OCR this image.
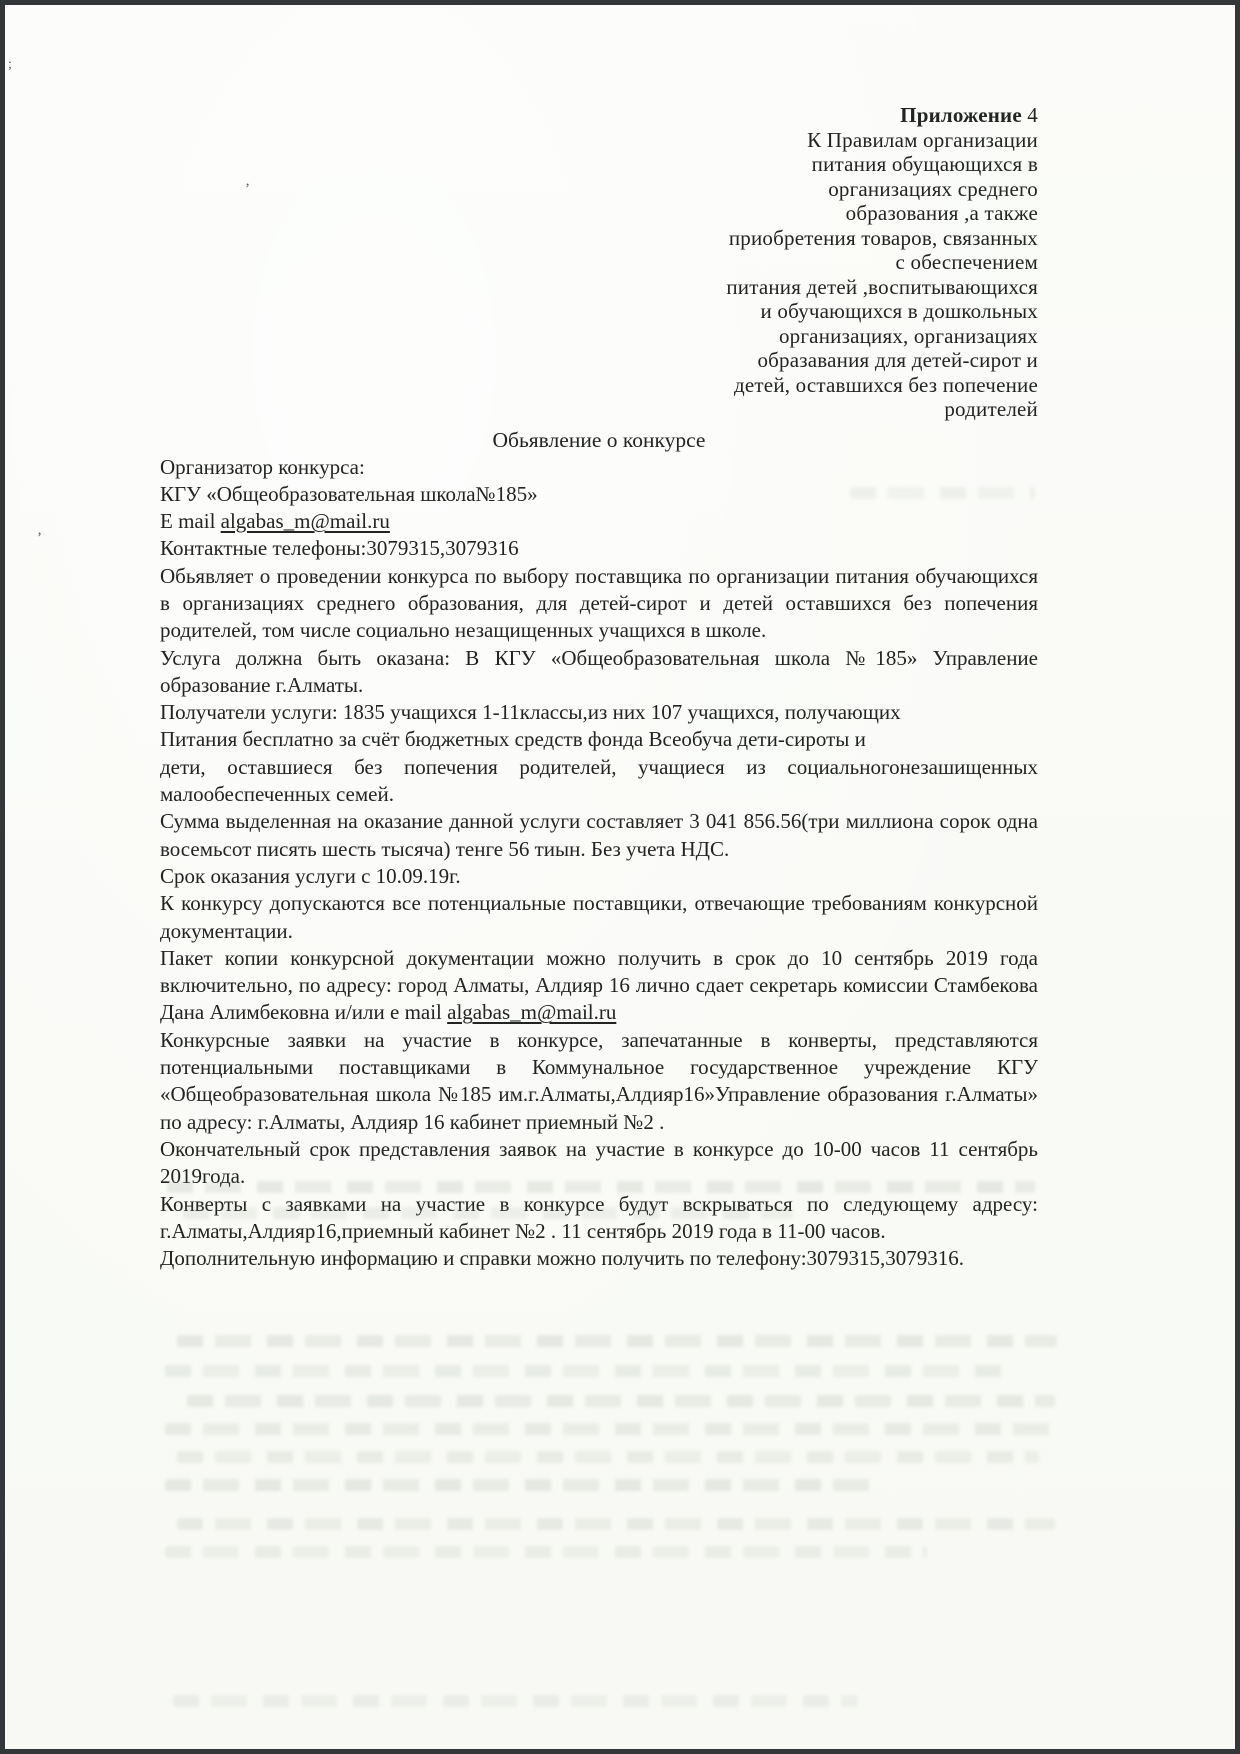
;
’
’
Приложение 4
К Правилам организации
питания обущающихся в
организациях среднего
образования ,а также
приобретения товаров, связанных
с обеспечением
питания детей ,воспитывающихся
и обучающихся в дошкольных
организациях, организациях
образавания для детей-сирот и
детей, оставшихся без попечение
родителей
Обьявление о конкурсе

Организатор конкурса:

КГУ «Общеобразовательная школа№185»

E mail algabas_m@mail.ru

Контактные телефоны:3079315,3079316

Обьявляет о проведении конкурса по выбору поставщика по организации питания обучающихся в организациях среднего образования, для детей-сирот и детей оставшихся без попечения родителей, том числе социально незащищенных учащихся в школе.

Услуга должна быть оказана: В КГУ «Общеобразовательная школа №185» Управление образование г.Алматы.

Получатели услуги: 1835 учащихся 1-11классы,из них 107 учащихся, получающих

Питания бесплатно за счёт бюджетных средств фонда Всеобуча дети-сироты и

дети, оставшиеся без попечения родителей, учащиеся из социальногонезашищенных малообеспеченных семей.

Сумма выделенная на оказание данной услуги составляет 3 041 856.56(три миллиона сорок одна восемьсот писять шесть тысяча) тенге 56 тиын. Без учета НДС.

Срок оказания услуги с 10.09.19г.

К конкурсу допускаются все потенциальные поставщики, отвечающие требованиям конкурсной документации.

Пакет копии конкурсной документации можно получить в срок до 10 сентябрь 2019 года включительно, по адресу: город Алматы, Алдияр 16 лично сдает секретарь комиссии Стамбекова Дана Алимбековна и/или e mail algabas_m@mail.ru

Конкурсные заявки на участие в конкурсе, запечатанные в конверты, представляются потенциальными поставщиками в Коммунальное государственное учреждение КГУ «Общеобразовательная школа №185 им.г.Алматы,Алдияр16»Управление образования г.Алматы» по адресу: г.Алматы, Алдияр 16 кабинет приемный №2 .

Окончательный срок представления заявок на участие в конкурсе до 10-00 часов 11 сентябрь 2019года.

Конверты с заявками на участие в конкурсе будут вскрываться по следующему адресу: г.Алматы,Алдияр16,приемный кабинет №2 . 11 сентябрь 2019 года в 11-00 часов.

Дополнительную информацию и справки можно получить по телефону:3079315,3079316.
